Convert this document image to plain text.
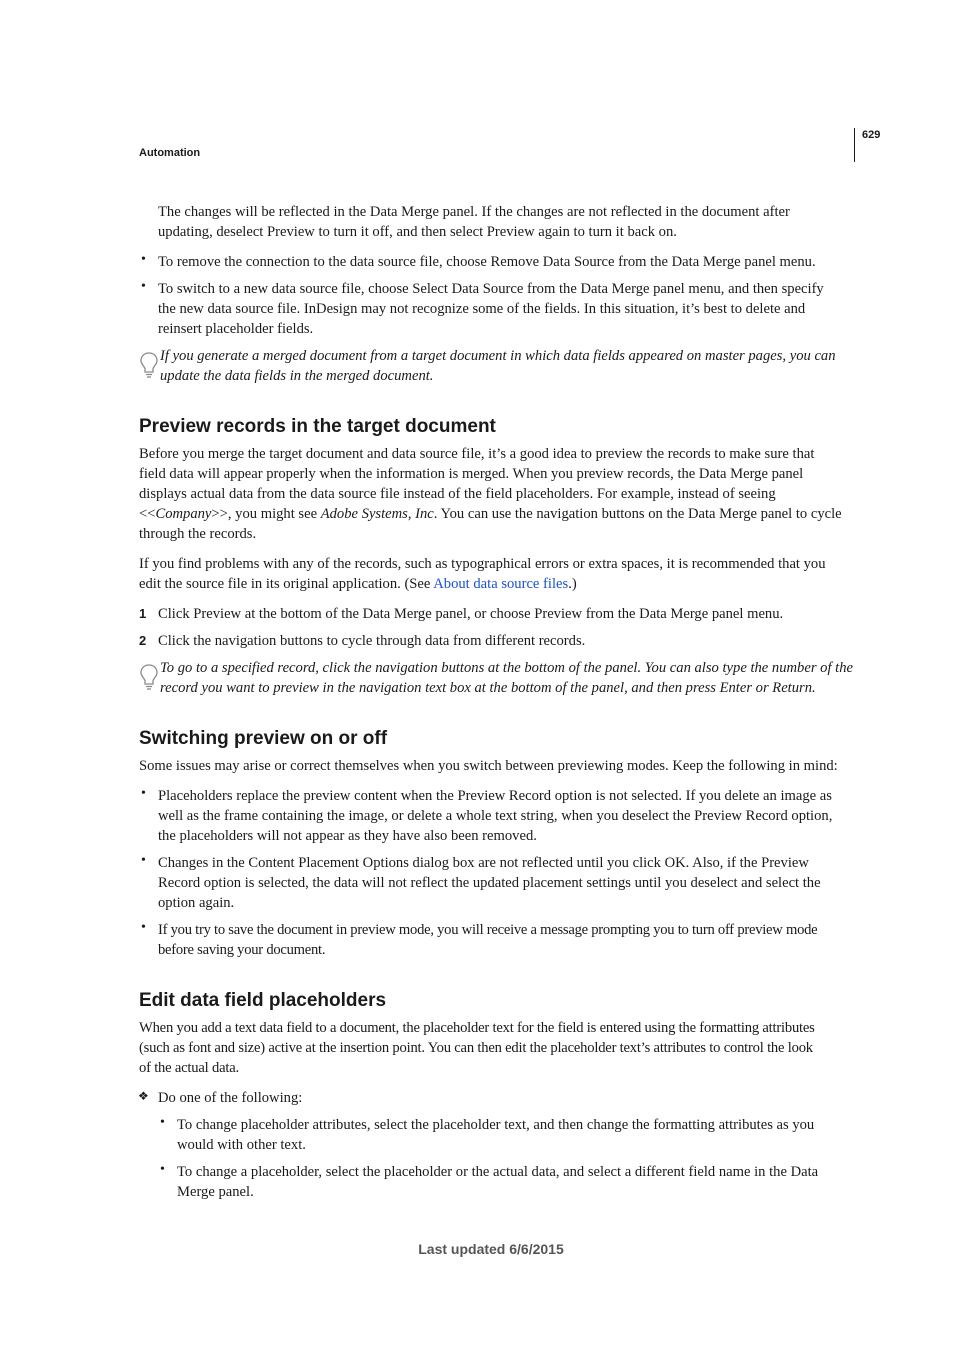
Automation
629
The changes will be reflected in the Data Merge panel. If the changes are not reflected in the document after
updating, deselect Preview to turn it off, and then select Preview again to turn it back on.
• To remove the connection to the data source file, choose Remove Data Source from the Data Merge panel menu.
• To switch to a new data source file, choose Select Data Source from the Data Merge panel menu, and then specify
the new data source file. InDesign may not recognize some of the fields. In this situation, it’s best to delete and
reinsert placeholder fields.
If you generate a merged document from a target document in which data fields appeared on master pages, you can
update the data fields in the merged document.
Preview records in the target document
Before you merge the target document and data source file, it’s a good idea to preview the records to make sure that
field data will appear properly when the information is merged. When you preview records, the Data Merge panel
displays actual data from the data source file instead of the field placeholders. For example, instead of seeing
<<Company>>, you might see Adobe Systems, Inc. You can use the navigation buttons on the Data Merge panel to cycle
through the records.
If you find problems with any of the records, such as typographical errors or extra spaces, it is recommended that you
edit the source file in its original application. (See About data source files.)
1 Click Preview at the bottom of the Data Merge panel, or choose Preview from the Data Merge panel menu.
2 Click the navigation buttons to cycle through data from different records.
To go to a specified record, click the navigation buttons at the bottom of the panel. You can also type the number of the
record you want to preview in the navigation text box at the bottom of the panel, and then press Enter or Return.
Switching preview on or off
Some issues may arise or correct themselves when you switch between previewing modes. Keep the following in mind:
• Placeholders replace the preview content when the Preview Record option is not selected. If you delete an image as
well as the frame containing the image, or delete a whole text string, when you deselect the Preview Record option,
the placeholders will not appear as they have also been removed.
• Changes in the Content Placement Options dialog box are not reflected until you click OK. Also, if the Preview
Record option is selected, the data will not reflect the updated placement settings until you deselect and select the
option again.
• If you try to save the document in preview mode, you will receive a message prompting you to turn off preview mode
before saving your document.
Edit data field placeholders
When you add a text data field to a document, the placeholder text for the field is entered using the formatting attributes
(such as font and size) active at the insertion point. You can then edit the placeholder text’s attributes to control the look
of the actual data.
❖ Do one of the following:
• To change placeholder attributes, select the placeholder text, and then change the formatting attributes as you
would with other text.
• To change a placeholder, select the placeholder or the actual data, and select a different field name in the Data
Merge panel.
Last updated 6/6/2015
